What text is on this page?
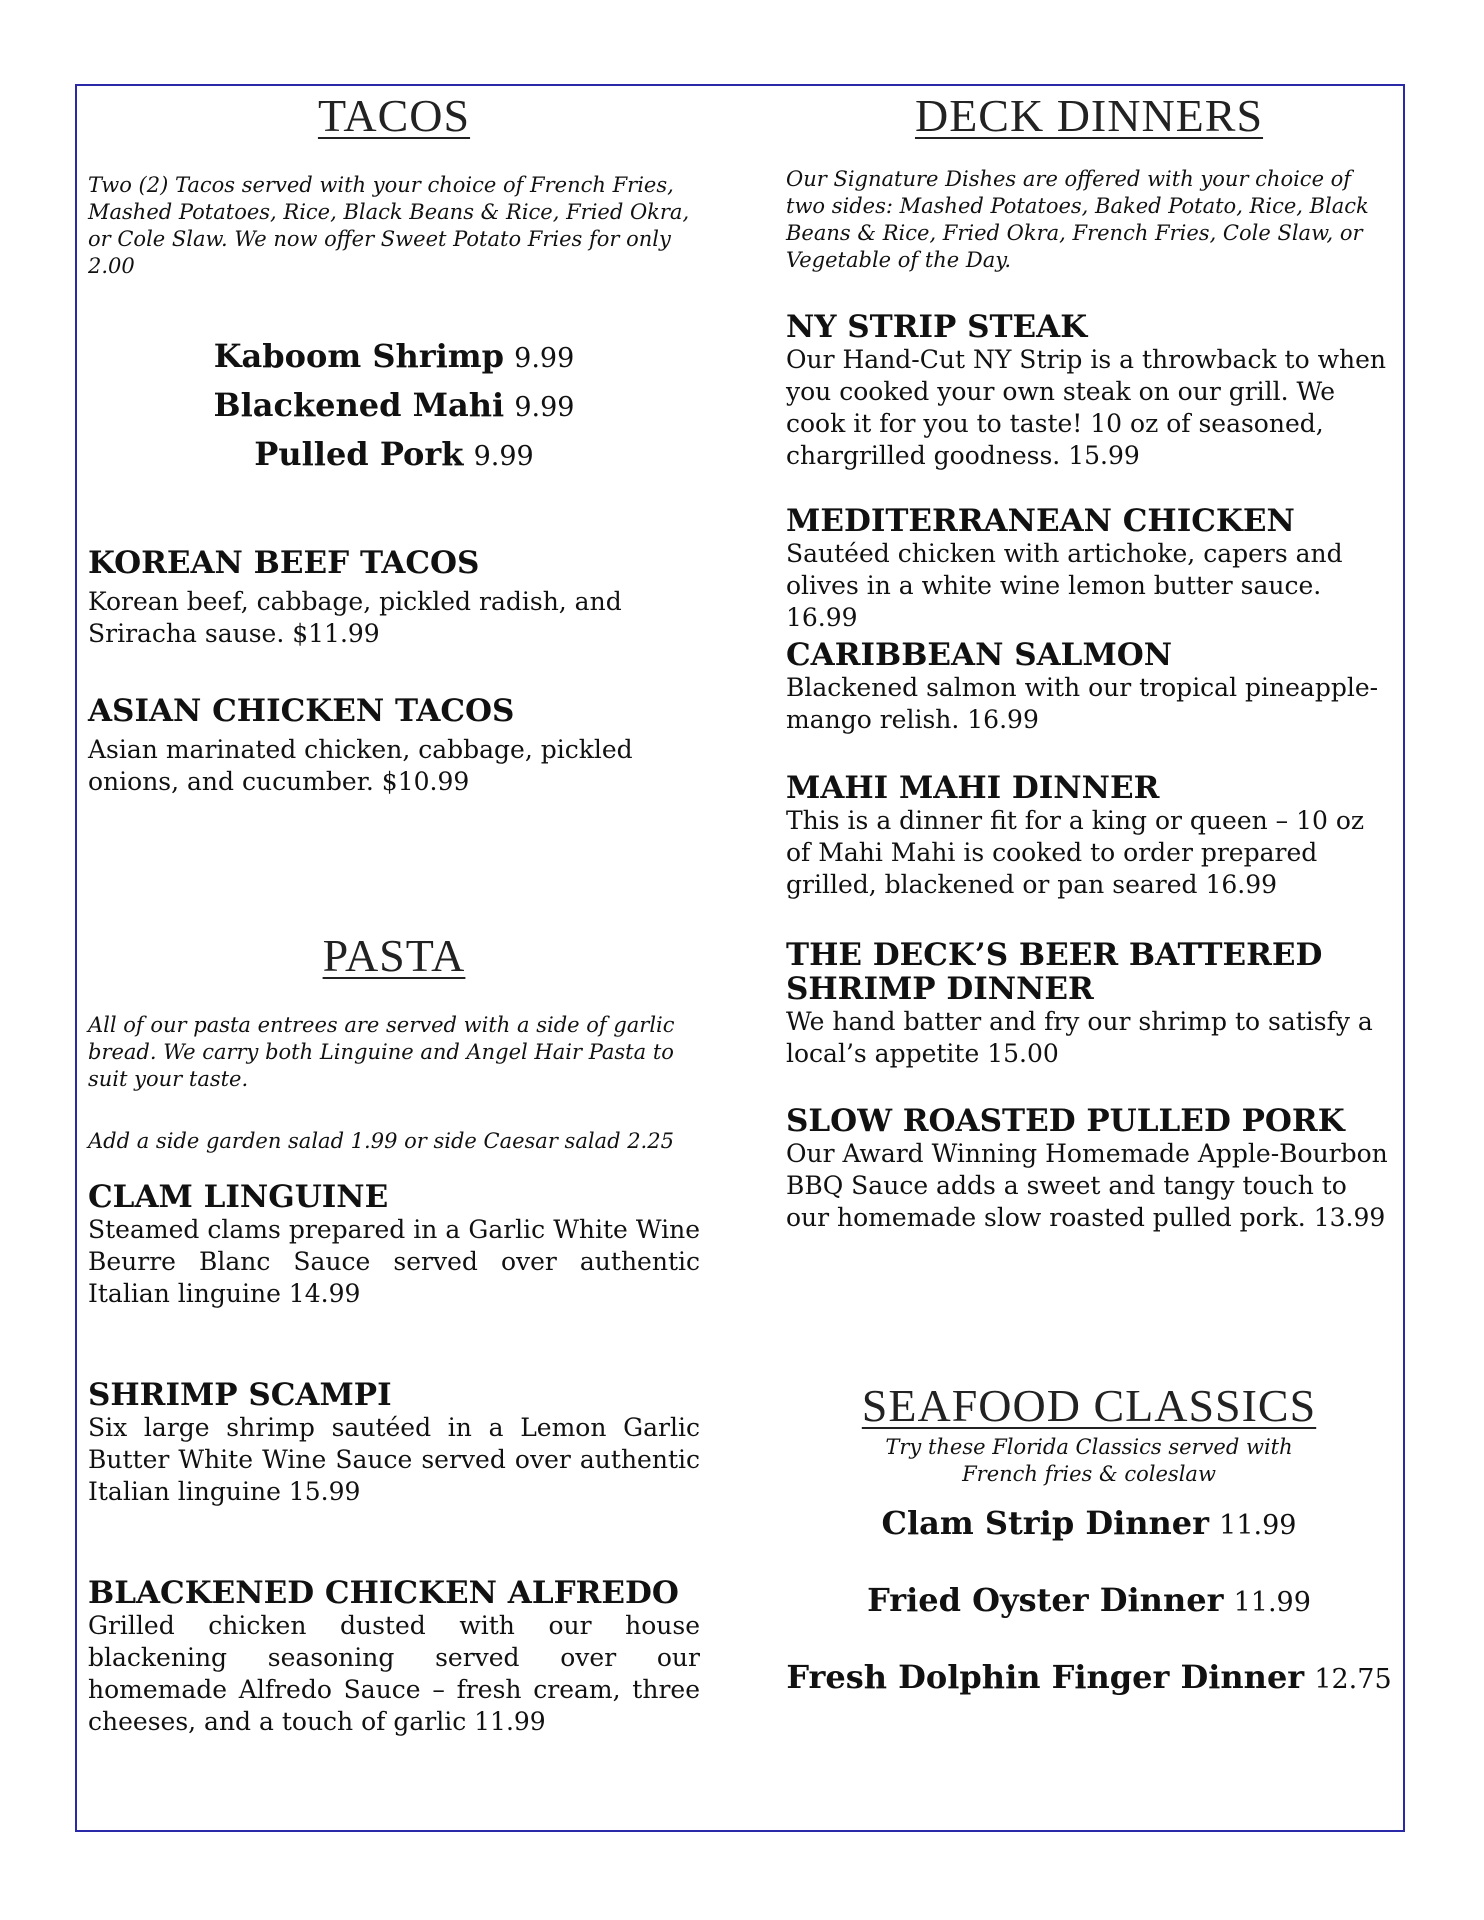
TACOS

Two (2) Tacos served with your choice of French Fries, Mashed Potatoes, Rice, Black Beans & Rice, Fried Okra, or Cole Slaw. We now offer Sweet Potato Fries for only 2.00

Kaboom Shrimp 9.99
Blackened Mahi 9.99
Pulled Pork 9.99

KOREAN BEEF TACOS

Korean beef, cabbage, pickled radish, and Sriracha sause. $11.99

ASIAN CHICKEN TACOS

Asian marinated chicken, cabbage, pickled onions, and cucumber. $10.99

PASTA

All of our pasta entrees are served with a side of garlic bread. We carry both Linguine and Angel Hair Pasta to suit your taste.

Add a side garden salad 1.99 or side Caesar salad 2.25

CLAM LINGUINE

Steamed clams prepared in a Garlic White Wine Beurre Blanc Sauce served over authentic Italian linguine 14.99

SHRIMP SCAMPI

Six large shrimp sautéed in a Lemon Garlic Butter White Wine Sauce served over authentic Italian linguine 15.99

BLACKENED CHICKEN ALFREDO

Grilled chicken dusted with our house blackening seasoning served over our homemade Alfredo Sauce – fresh cream, three cheeses, and a touch of garlic 11.99

DECK DINNERS

Our Signature Dishes are offered with your choice of two sides: Mashed Potatoes, Baked Potato, Rice, Black Beans & Rice, Fried Okra, French Fries, Cole Slaw, or Vegetable of the Day.

NY STRIP STEAK

Our Hand-Cut NY Strip is a throwback to when you cooked your own steak on our grill. We cook it for you to taste! 10 oz of seasoned, chargrilled goodness. 15.99

MEDITERRANEAN CHICKEN

Sautéed chicken with artichoke, capers and olives in a white wine lemon butter sauce. 16.99

CARIBBEAN SALMON

Blackened salmon with our tropical pineapple-mango relish. 16.99

MAHI MAHI DINNER

This is a dinner fit for a king or queen – 10 oz of Mahi Mahi is cooked to order prepared grilled, blackened or pan seared 16.99

THE DECK’S BEER BATTERED SHRIMP DINNER

We hand batter and fry our shrimp to satisfy a local’s appetite 15.00

SLOW ROASTED PULLED PORK

Our Award Winning Homemade Apple-Bourbon BBQ Sauce adds a sweet and tangy touch to our homemade slow roasted pulled pork. 13.99

SEAFOOD CLASSICS
Try these Florida Classics served with
French fries & coleslaw
Clam Strip Dinner 11.99
Fried Oyster Dinner 11.99
Fresh Dolphin Finger Dinner 12.75
